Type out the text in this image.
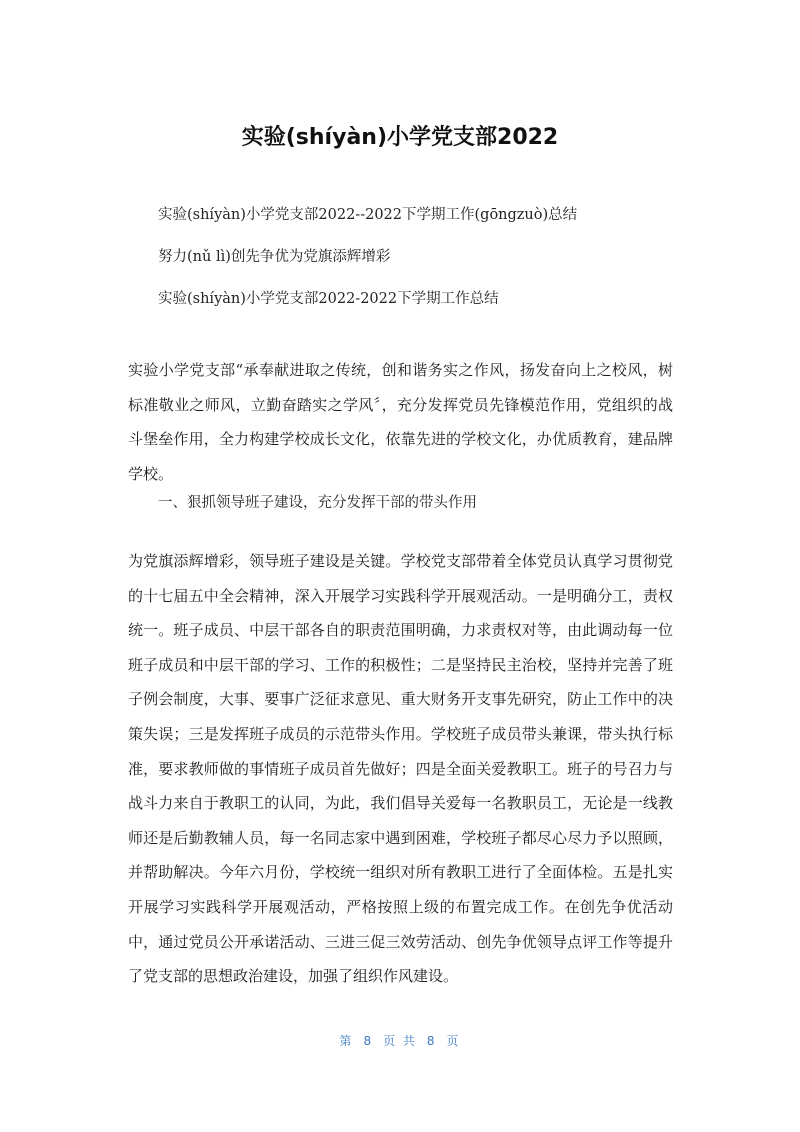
实验(shíyàn)小学党支部2022
实验(shíyàn)小学党支部2022--2022下学期工作(gōngzuò)总结
努力(nǔ lì)创先争优为党旗添辉增彩
实验(shíyàn)小学党支部2022-2022下学期工作总结
实验小学党支部“承奉献进取之传统，创和谐务实之作风，扬发奋向上之校风，树标准敬业之师风，立勤奋踏实之学风〞，充分发挥党员先锋模范作用，党组织的战斗堡垒作用，全力构建学校成长文化，依靠先进的学校文化，办优质教育，建品牌学校。
一、狠抓领导班子建设，充分发挥干部的带头作用
为党旗添辉增彩，领导班子建设是关键。学校党支部带着全体党员认真学习贯彻党的十七届五中全会精神，深入开展学习实践科学开展观活动。一是明确分工，责权统一。班子成员、中层干部各自的职责范围明确，力求责权对等，由此调动每一位班子成员和中层干部的学习、工作的积极性；二是坚持民主治校，坚持并完善了班子例会制度，大事、要事广泛征求意见、重大财务开支事先研究，防止工作中的决策失误；三是发挥班子成员的示范带头作用。学校班子成员带头兼课，带头执行标准，要求教师做的事情班子成员首先做好；四是全面关爱教职工。班子的号召力与战斗力来自于教职工的认同，为此，我们倡导关爱每一名教职员工，无论是一线教师还是后勤教辅人员，每一名同志家中遇到困难，学校班子都尽心尽力予以照顾，并帮助解决。今年六月份，学校统一组织对所有教职工进行了全面体检。五是扎实开展学习实践科学开展观活动，严格按照上级的布置完成工作。在创先争优活动中，通过党员公开承诺活动、三进三促三效劳活动、创先争优领导点评工作等提升了党支部的思想政治建设，加强了组织作风建设。
第 8 页 共 8 页
